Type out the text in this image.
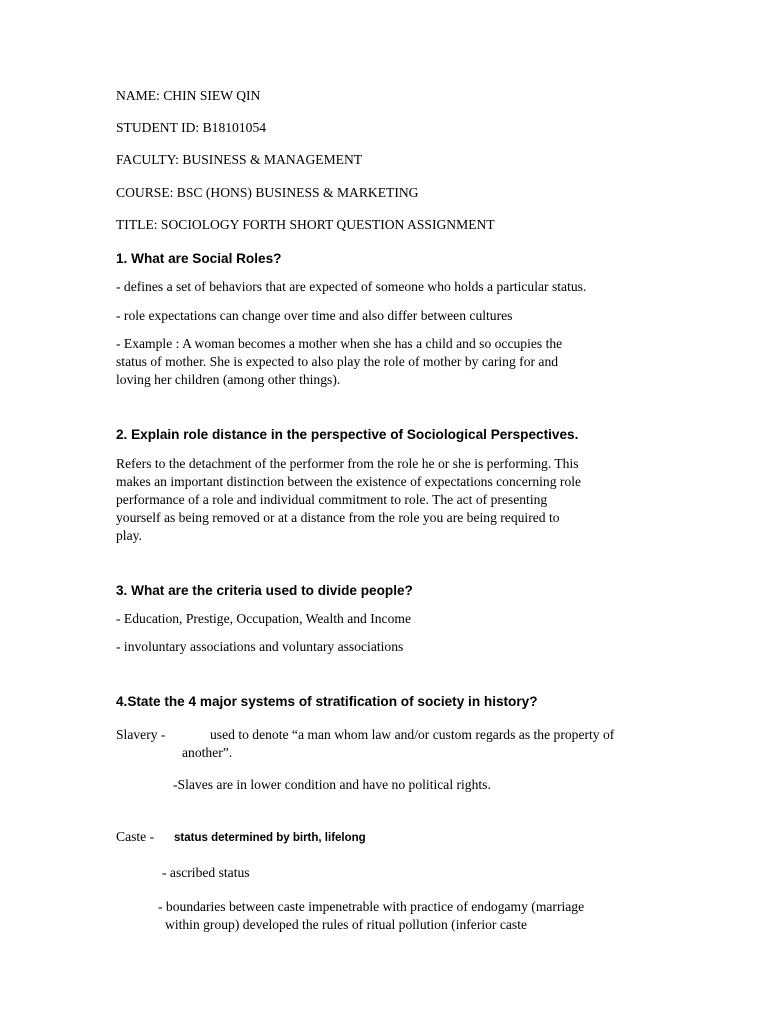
NAME: CHIN SIEW QIN
STUDENT ID: B18101054
FACULTY: BUSINESS & MANAGEMENT
COURSE: BSC (HONS) BUSINESS & MARKETING
TITLE: SOCIOLOGY FORTH SHORT QUESTION ASSIGNMENT
1. What are Social Roles?
- defines a set of behaviors that are expected of someone who holds a particular status.
- role expectations can change over time and also differ between cultures
- Example : A woman becomes a mother when she has a child and so occupies the
status of mother. She is expected to also play the role of mother by caring for and
loving her children (among other things).
2. Explain role distance in the perspective of Sociological Perspectives.
Refers to the detachment of the performer from the role he or she is performing. This
makes an important distinction between the existence of expectations concerning role
performance of a role and individual commitment to role. The act of presenting
yourself as being removed or at a distance from the role you are being required to
play.
3. What are the criteria used to divide people?
- Education, Prestige, Occupation, Wealth and Income
- involuntary associations and voluntary associations
4.State the 4 major systems of stratification of society in history?
Slavery -	used to denote “a man whom law and/or custom regards as the property of
another”.
-Slaves are in lower condition and have no political rights.
Caste - status determined by birth, lifelong
- ascribed status
- boundaries between caste impenetrable with practice of endogamy (marriage
within group) developed the rules of ritual pollution (inferior caste
